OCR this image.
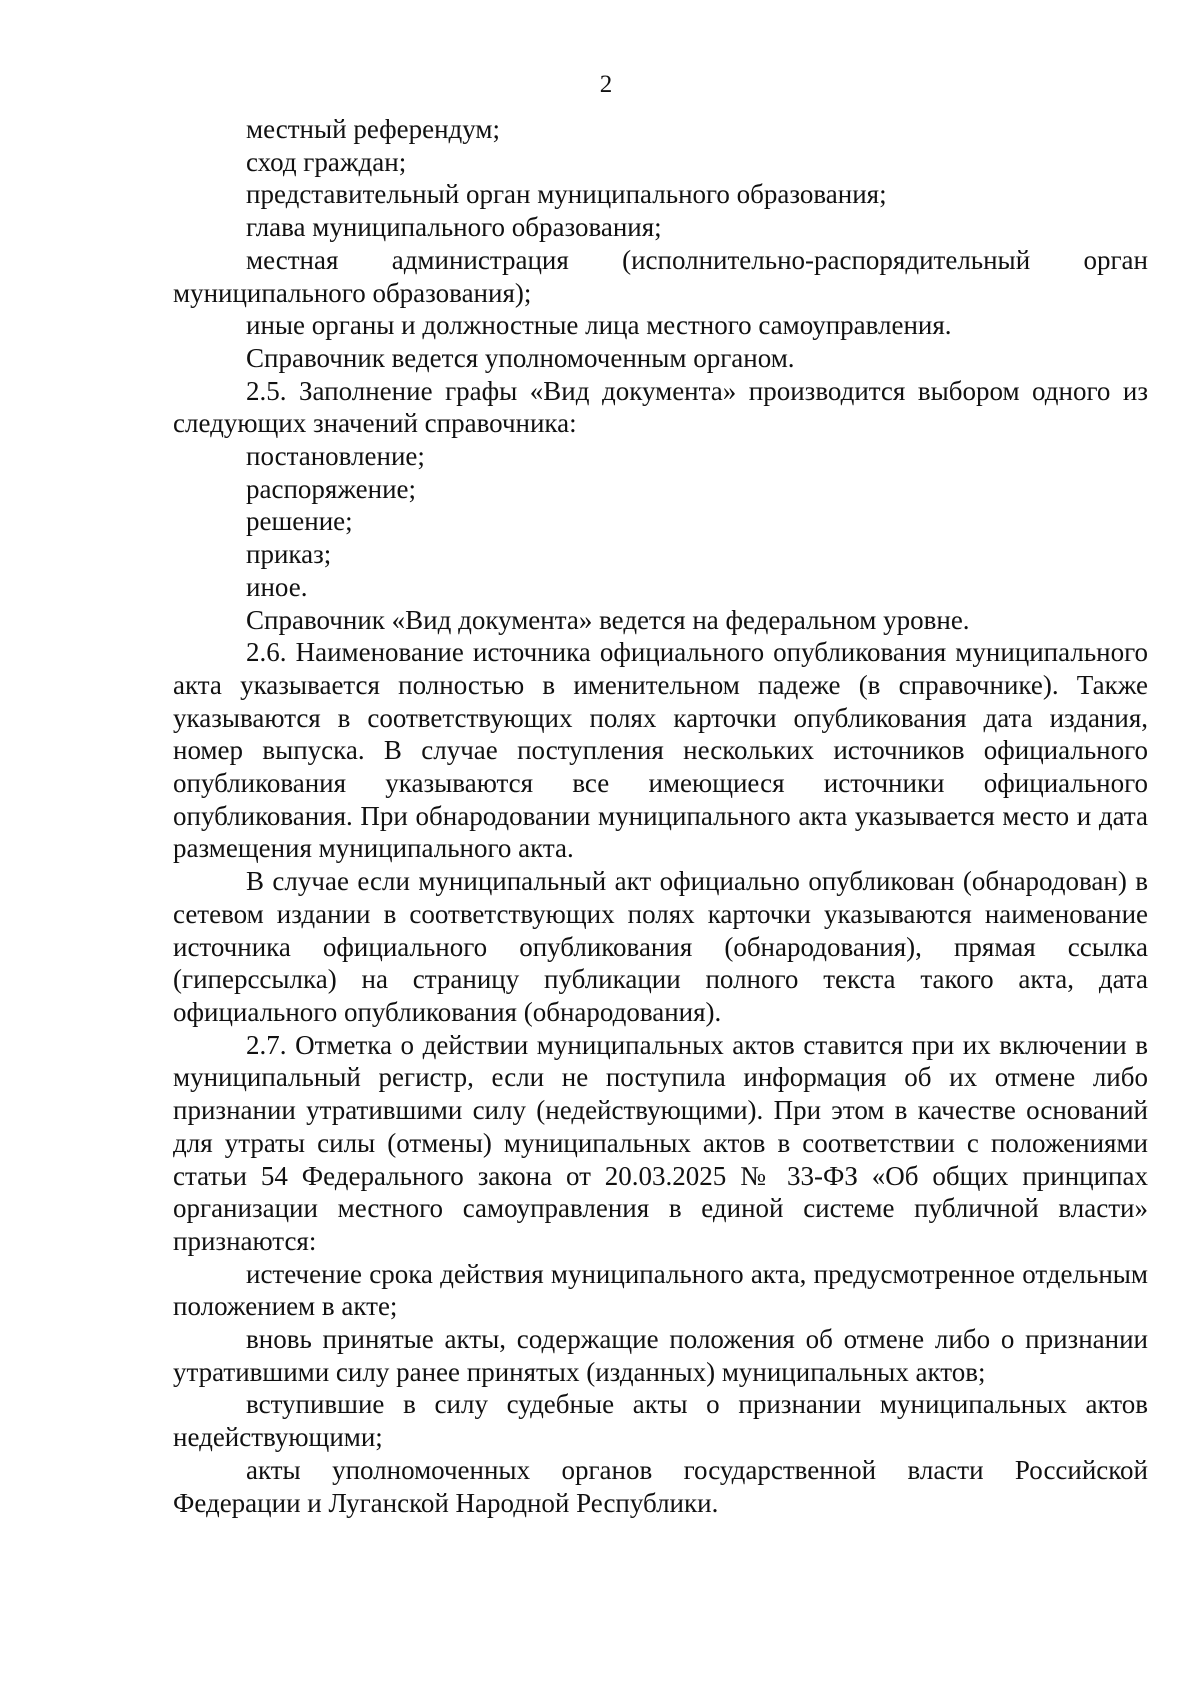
2

местный референдум;

сход граждан;

представительный орган муниципального образования;

глава муниципального образования;

местная администрация (исполнительно-распорядительный орган муниципального образования);

иные органы и должностные лица местного самоуправления.

Справочник ведется уполномоченным органом.

2.5. Заполнение графы «Вид документа» производится выбором одного из следующих значений справочника:

постановление;

распоряжение;

решение;

приказ;

иное.

Справочник «Вид документа» ведется на федеральном уровне.

2.6. Наименование источника официального опубликования муниципального акта указывается полностью в именительном падеже (в справочнике). Также указываются в соответствующих полях карточки опубликования дата издания, номер выпуска. В случае поступления нескольких источников официального опубликования указываются все имеющиеся источники официального опубликования. При обнародовании муниципального акта указывается место и дата размещения муниципального акта.

В случае если муниципальный акт официально опубликован (обнародован) в сетевом издании в соответствующих полях карточки указываются наименование источника официального опубликования (обнародования), прямая ссылка (гиперссылка) на страницу публикации полного текста такого акта, дата официального опубликования (обнародования).

2.7. Отметка о действии муниципальных актов ставится при их включении в муниципальный регистр, если не поступила информация об их отмене либо признании утратившими силу (недействующими). При этом в качестве оснований для утраты силы (отмены) муниципальных актов в соответствии с положениями статьи 54 Федерального закона от 20.03.2025 № 33-ФЗ «Об общих принципах организации местного самоуправления в единой системе публичной власти» признаются:

истечение срока действия муниципального акта, предусмотренное отдельным положением в акте;

вновь принятые акты, содержащие положения об отмене либо о признании утратившими силу ранее принятых (изданных) муниципальных актов;

вступившие в силу судебные акты о признании муниципальных актов недействующими;

акты уполномоченных органов государственной власти Российской Федерации и Луганской Народной Республики.
